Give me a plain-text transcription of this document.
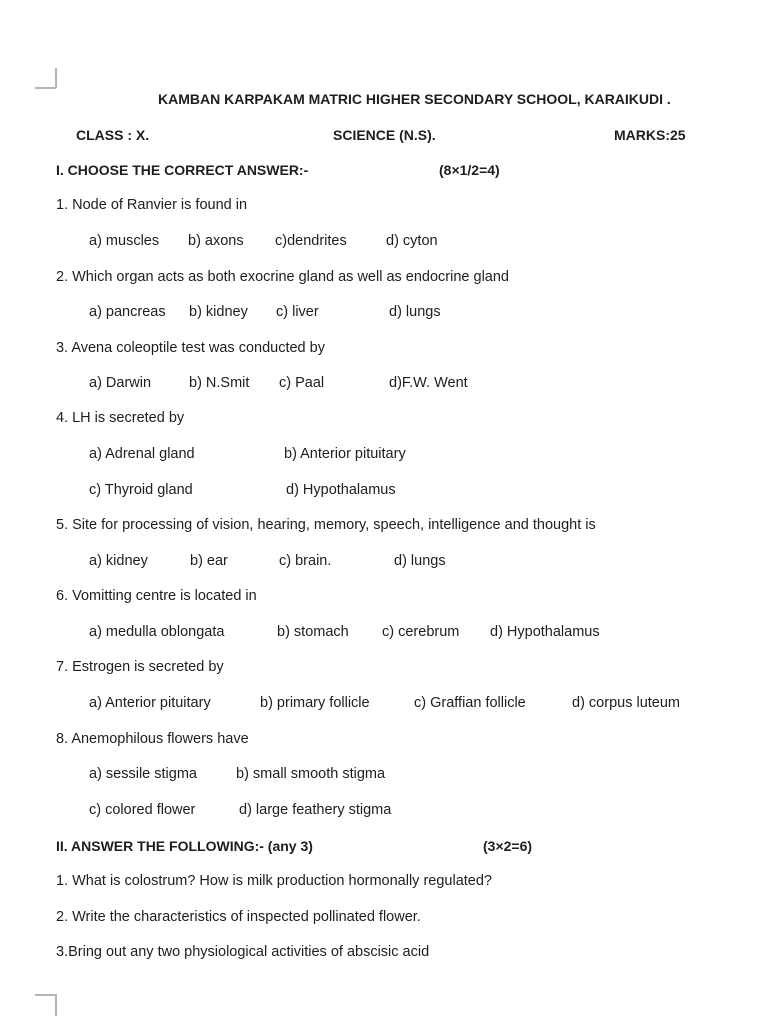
KAMBAN KARPAKAM MATRIC HIGHER SECONDARY SCHOOL, KARAIKUDI .
CLASS : X.	SCIENCE (N.S).	MARKS:25
I. CHOOSE THE CORRECT ANSWER:-	(8×1/2=4)
1. Node of Ranvier is found in
a) muscles b) axons c)dendrites	d) cyton
2. Which organ acts as both exocrine gland as well as endocrine gland
a) pancreas b) kidney c) liver	d) lungs
3. Avena coleoptile test was conducted by
a) Darwin	b) N.Smit c) Paal	d)F.W. Went
4. LH is secreted by
a) Adrenal gland	b) Anterior pituitary
c) Thyroid gland	d) Hypothalamus
5. Site for processing of vision, hearing, memory, speech, intelligence and thought is
a) kidney	b) ear	c) brain.	d) lungs
6. Vomitting centre is located in
a) medulla oblongata	b) stomach c) cerebrum d) Hypothalamus
7. Estrogen is secreted by
a) Anterior pituitary	b) primary follicle	c) Graffian follicle	d) corpus luteum
8. Anemophilous flowers have
a) sessile stigma	b) small smooth stigma
c) colored flower	d) large feathery stigma
II. ANSWER THE FOLLOWING:- (any 3)	(3×2=6)
1. What is colostrum? How is milk production hormonally regulated?
2. Write the characteristics of inspected pollinated flower.
3.Bring out any two physiological activities of abscisic acid
